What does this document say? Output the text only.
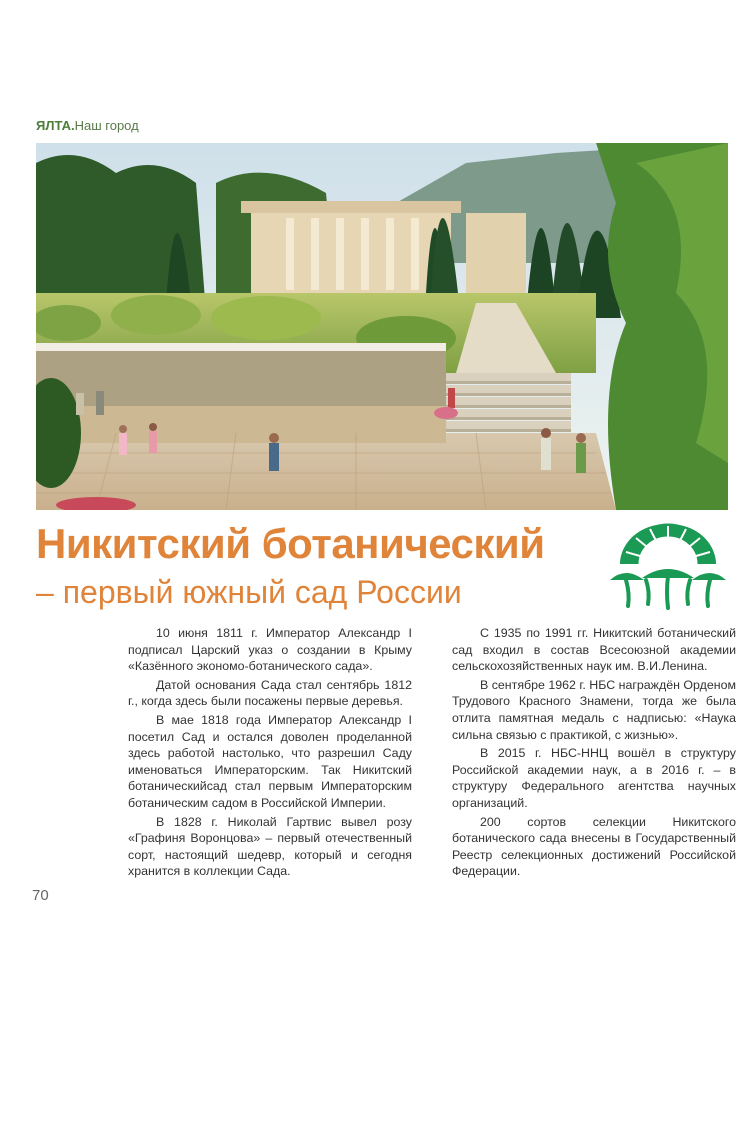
ЯЛТА.Наш город
Никитский ботанический
– первый южный сад России

10 июня 1811 г. Император Александр I подписал Царский указ о создании в Крыму «Казённого экономо-ботанического сада».

Датой основания Сада стал сентябрь 1812 г., когда здесь были посажены первые деревья.

В мае 1818 года Император Александр I посетил Сад и остался доволен проделанной здесь работой настолько, что разрешил Саду именоваться Императорским. Так Никитский ботаническийсад стал первым Императорским ботаническим садом в Российской Империи.

В 1828 г. Николай Гартвис вывел розу «Графиня Воронцова» – первый отечественный сорт, настоящий шедевр, который и сегодня хранится в коллекции Сада.

С 1935 по 1991 гг. Никитский ботанический сад входил в состав Всесоюзной академии сельскохозяйственных наук им. В.И.Ленина.

В сентябре 1962 г. НБС награждён Орденом Трудового Красного Знамени, тогда же была отлита памятная медаль с надписью: «Наука сильна связью с практикой, с жизнью».

В 2015 г. НБС-ННЦ вошёл в структуру Российской академии наук, а в 2016 г. – в структуру Федерального агентства научных организаций.

200 сортов селекции Никитского ботанического сада внесены в Государственный Реестр селекционных достижений Российской Федерации.

70
